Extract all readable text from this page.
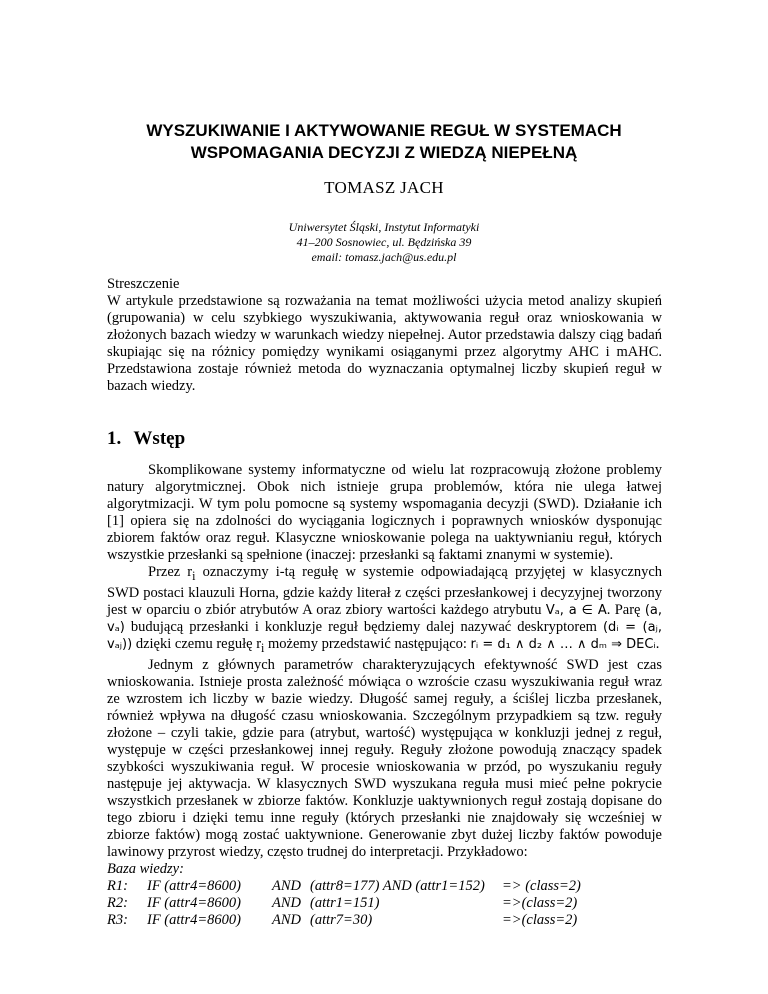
WYSZUKIWANIE I AKTYWOWANIE REGUŁ W SYSTEMACH
WSPOMAGANIA DECYZJI Z WIEDZĄ NIEPEŁNĄ
TOMASZ JACH
Uniwersytet Śląski, Instytut Informatyki
41–200 Sosnowiec, ul. Będzińska 39
email: tomasz.jach@us.edu.pl

Streszczenie

W artykule przedstawione są rozważania na temat możliwości użycia metod analizy skupień (grupowania) w celu szybkiego wyszukiwania, aktywowania reguł oraz wnioskowania w złożonych bazach wiedzy w warunkach wiedzy niepełnej. Autor przedstawia dalszy ciąg badań skupiając się na różnicy pomiędzy wynikami osiąganymi przez algorytmy AHC i mAHC. Przedstawiona zostaje również metoda do wyznaczania optymalnej liczby skupień reguł w bazach wiedzy.

1. Wstęp

Skomplikowane systemy informatyczne od wielu lat rozpracowują złożone problemy natury algorytmicznej. Obok nich istnieje grupa problemów, która nie ulega łatwej algorytmizacji. W tym polu pomocne są systemy wspomagania decyzji (SWD). Działanie ich [1] opiera się na zdolności do wyciągania logicznych i poprawnych wniosków dysponując zbiorem faktów oraz reguł. Klasyczne wnioskowanie polega na uaktywnianiu reguł, których wszystkie przesłanki są spełnione (inaczej: przesłanki są faktami znanymi w systemie).

Przez $r_i$ oznaczymy i-tą regułę w systemie odpowiadającą przyjętej w klasycznych SWD postaci klauzuli Horna, gdzie każdy literał z części przesłankowej i decyzyjnej tworzony jest w oparciu o zbiór atrybutów A oraz zbiory wartości każdego atrybutu Vₐ, a ∈ A. Parę (a, vₐ) budującą przesłanki i konkluzje reguł będziemy dalej nazywać deskryptorem (dᵢ = (aⱼ, vₐⱼ)) dzięki czemu regułę $r_i$ możemy przedstawić następująco: rᵢ = d₁ ∧ d₂ ∧ … ∧ dₘ ⇒ DECᵢ.

Jednym z głównych parametrów charakteryzujących efektywność SWD jest czas wnioskowania. Istnieje prosta zależność mówiąca o wzroście czasu wyszukiwania reguł wraz ze wzrostem ich liczby w bazie wiedzy. Długość samej reguły, a ściślej liczba przesłanek, również wpływa na długość czasu wnioskowania. Szczególnym przypadkiem są tzw. reguły złożone – czyli takie, gdzie para (atrybut, wartość) występująca w konkluzji jednej z reguł, występuje w części przesłankowej innej reguły. Reguły złożone powodują znaczący spadek szybkości wyszukiwania reguł. W procesie wnioskowania w przód, po wyszukaniu reguły następuje jej aktywacja. W klasycznych SWD wyszukana reguła musi mieć pełne pokrycie wszystkich przesłanek w zbiorze faktów. Konkluzje uaktywnionych reguł zostają dopisane do tego zbioru i dzięki temu inne reguły (których przesłanki nie znajdowały się wcześniej w zbiorze faktów) mogą zostać uaktywnione. Generowanie zbyt dużej liczby faktów powoduje lawinowy przyrost wiedzy, często trudnej do interpretacji. Przykładowo:

Baza wiedzy:

R1:	IF (attr4=8600)	AND (attr8=177) AND (attr1=152)	=> (class=2)
R2:	IF (attr4=8600)	AND (attr1=151)	=>(class=2)
R3:	IF (attr4=8600)	AND (attr7=30)	=>(class=2)
